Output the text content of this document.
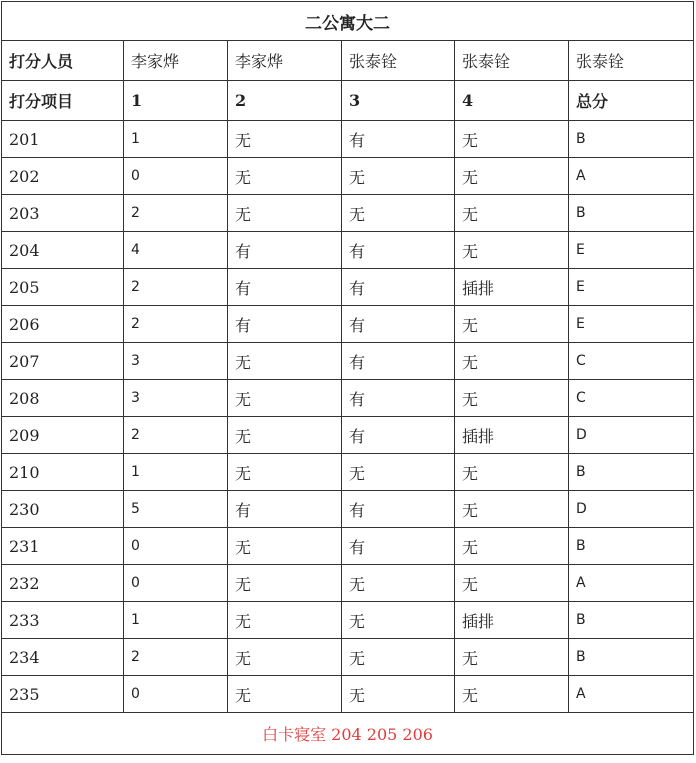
二公寓大二					
打分人员	李家烨	李家烨	张泰铨	张泰铨	张泰铨
打分项目	1	2	3	4	总分
201	1	无	有	无	B
202	0	无	无	无	A
203	2	无	无	无	B
204	4	有	有	无	E
205	2	有	有	插排	E
206	2	有	有	无	E
207	3	无	有	无	C
208	3	无	有	无	C
209	2	无	有	插排	D
210	1	无	无	无	B
230	5	有	有	无	D
231	0	无	有	无	B
232	0	无	无	无	A
233	1	无	无	插排	B
234	2	无	无	无	B
235	0	无	无	无	A
白卡寝室 204 205 206					
